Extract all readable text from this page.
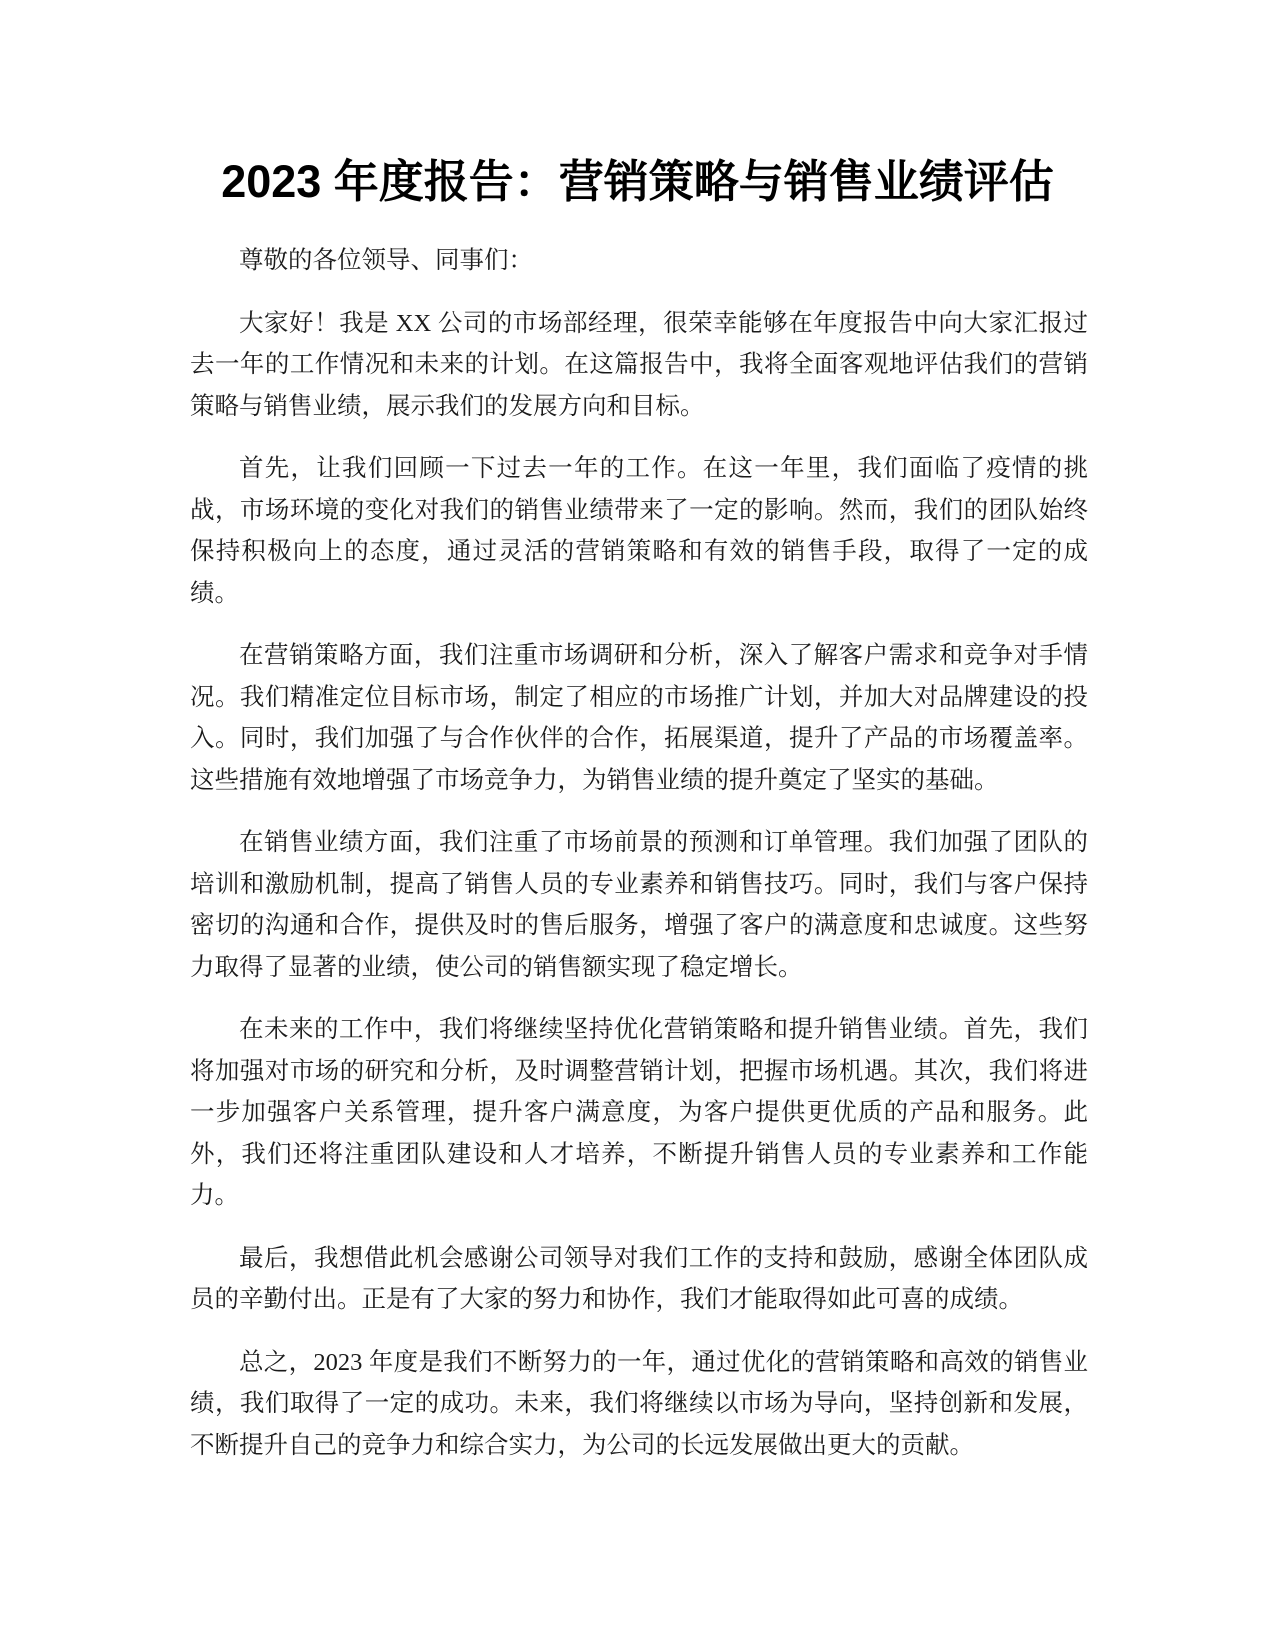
2023 年度报告：营销策略与销售业绩评估

尊敬的各位领导、同事们：

大家好！我是 XX 公司的市场部经理，很荣幸能够在年度报告中向大家汇报过去一年的工作情况和未来的计划。在这篇报告中，我将全面客观地评估我们的营销策略与销售业绩，展示我们的发展方向和目标。

首先，让我们回顾一下过去一年的工作。在这一年里，我们面临了疫情的挑战，市场环境的变化对我们的销售业绩带来了一定的影响。然而，我们的团队始终保持积极向上的态度，通过灵活的营销策略和有效的销售手段，取得了一定的成绩。

在营销策略方面，我们注重市场调研和分析，深入了解客户需求和竞争对手情况。我们精准定位目标市场，制定了相应的市场推广计划，并加大对品牌建设的投入。同时，我们加强了与合作伙伴的合作，拓展渠道，提升了产品的市场覆盖率。这些措施有效地增强了市场竞争力，为销售业绩的提升奠定了坚实的基础。

在销售业绩方面，我们注重了市场前景的预测和订单管理。我们加强了团队的培训和激励机制，提高了销售人员的专业素养和销售技巧。同时，我们与客户保持密切的沟通和合作，提供及时的售后服务，增强了客户的满意度和忠诚度。这些努力取得了显著的业绩，使公司的销售额实现了稳定增长。

在未来的工作中，我们将继续坚持优化营销策略和提升销售业绩。首先，我们将加强对市场的研究和分析，及时调整营销计划，把握市场机遇。其次，我们将进一步加强客户关系管理，提升客户满意度，为客户提供更优质的产品和服务。此外，我们还将注重团队建设和人才培养，不断提升销售人员的专业素养和工作能力。

最后，我想借此机会感谢公司领导对我们工作的支持和鼓励，感谢全体团队成员的辛勤付出。正是有了大家的努力和协作，我们才能取得如此可喜的成绩。

总之，2023 年度是我们不断努力的一年，通过优化的营销策略和高效的销售业绩，我们取得了一定的成功。未来，我们将继续以市场为导向，坚持创新和发展，不断提升自己的竞争力和综合实力，为公司的长远发展做出更大的贡献。
